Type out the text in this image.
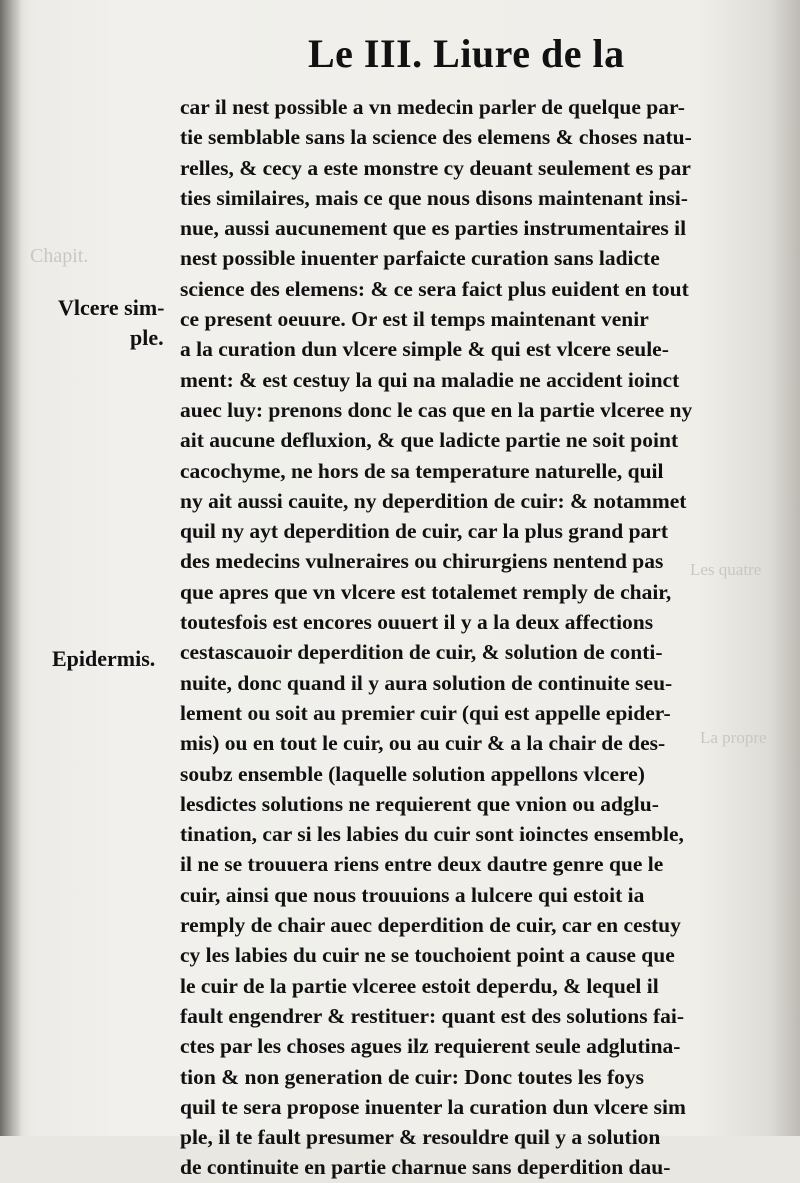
Les quatre
La propre
Chapit.
Le III. Liure de la
Vlcere sim-
ple.
Epidermis.
car il nest possible a vn medecin parler de quelque par-
tie semblable sans la science des elemens & choses natu-
relles, & cecy a este monstre cy deuant seulement es par
ties similaires, mais ce que nous disons maintenant insi-
nue, aussi aucunement que es parties instrumentaires il
nest possible inuenter parfaicte curation sans ladicte
science des elemens: & ce sera faict plus euident en tout
ce present oeuure. Or est il temps maintenant venir
a la curation dun vlcere simple & qui est vlcere seule-
ment: & est cestuy la qui na maladie ne accident ioinct
auec luy: prenons donc le cas que en la partie vlceree ny
ait aucune defluxion, & que ladicte partie ne soit point
cacochyme, ne hors de sa temperature naturelle, quil
ny ait aussi cauite, ny deperdition de cuir: & notammet
quil ny ayt deperdition de cuir, car la plus grand part
des medecins vulneraires ou chirurgiens nentend pas
que apres que vn vlcere est totalemet remply de chair,
toutesfois est encores ouuert il y a la deux affections
cestascauoir deperdition de cuir, & solution de conti-
nuite, donc quand il y aura solution de continuite seu-
lement ou soit au premier cuir (qui est appelle epider-
mis) ou en tout le cuir, ou au cuir & a la chair de des-
soubz ensemble (laquelle solution appellons vlcere)
lesdictes solutions ne requierent que vnion ou adglu-
tination, car si les labies du cuir sont ioinctes ensemble,
il ne se trouuera riens entre deux dautre genre que le
cuir, ainsi que nous trouuions a lulcere qui estoit ia
remply de chair auec deperdition de cuir, car en cestuy
cy les labies du cuir ne se touchoient point a cause que
le cuir de la partie vlceree estoit deperdu, & lequel il
fault engendrer & restituer: quant est des solutions fai-
ctes par les choses agues ilz requierent seule adglutina-
tion & non generation de cuir: Donc toutes les foys
quil te sera propose inuenter la curation dun vlcere sim
ple, il te fault presumer & resouldre quil y a solution
de continuite en partie charnue sans deperdition dau-
